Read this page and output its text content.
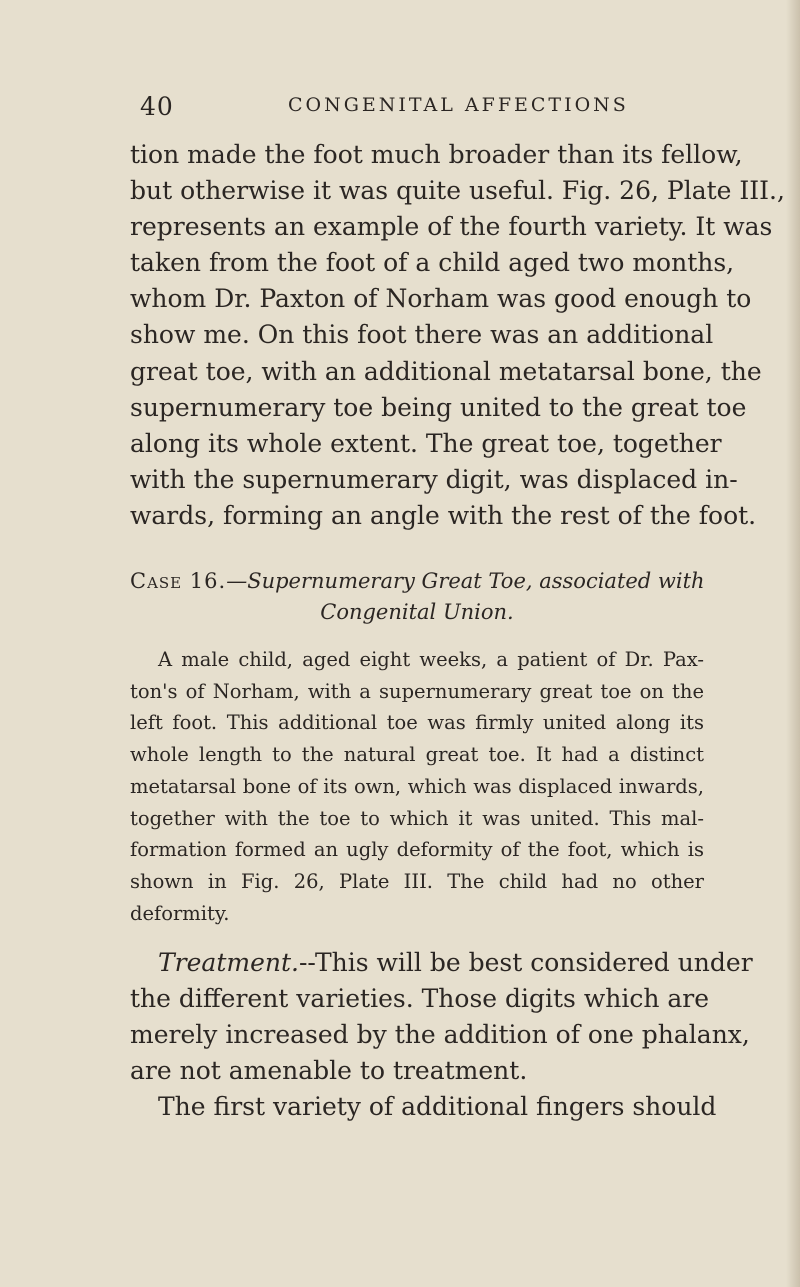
40	CONGENITAL AFFECTIONS
tion made the foot much broader than its fellow,
but otherwise it was quite useful. Fig. 26, Plate III.,
represents an example of the fourth variety. It was
taken from the foot of a child aged two months,
whom Dr. Paxton of Norham was good enough to
show me. On this foot there was an additional
great toe, with an additional metatarsal bone, the
supernumerary toe being united to the great toe
along its whole extent. The great toe, together
with the supernumerary digit, was displaced in-
wards, forming an angle with the rest of the foot.
Case 16.—Supernumerary Great Toe, associated with
Congenital Union.
A male child, aged eight weeks, a patient of Dr. Pax-
ton's of Norham, with a supernumerary great toe on the
left foot. This additional toe was firmly united along its
whole length to the natural great toe. It had a distinct
metatarsal bone of its own, which was displaced inwards,
together with the toe to which it was united. This mal-
formation formed an ugly deformity of the foot, which is
shown in Fig. 26, Plate III. The child had no other
deformity.
Treatment.--This will be best considered under
the different varieties. Those digits which are
merely increased by the addition of one phalanx,
are not amenable to treatment.
The first variety of additional fingers should
